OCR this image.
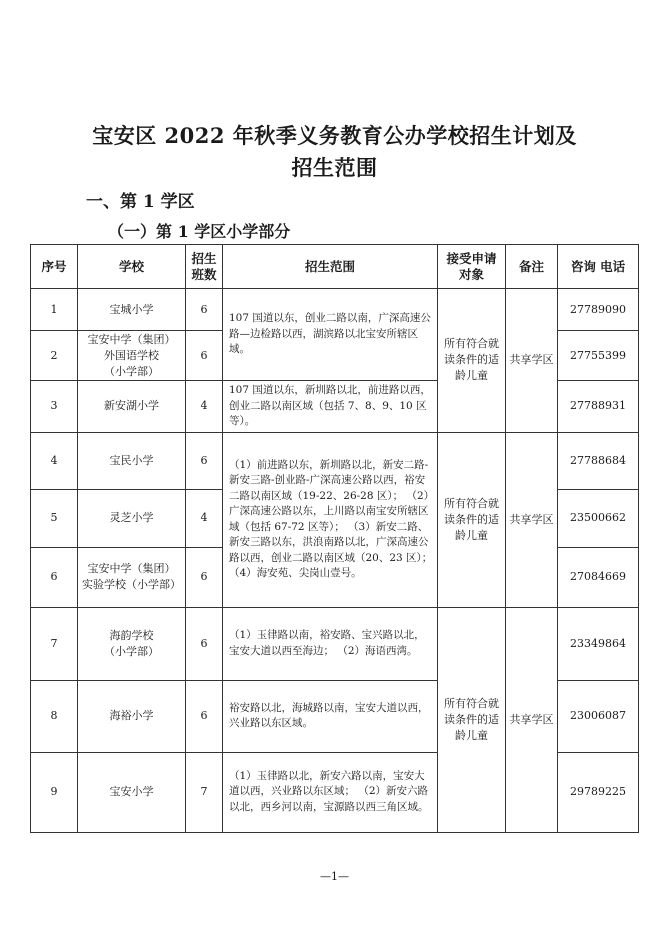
宝安区 2022 年秋季义务教育公办学校招生计划及
招生范围
一、第 1 学区
（一）第 1 学区小学部分
序号	学校	招生 班数	招生范围	接受申请 对象	备注	咨询 电话
1	宝城小学	6	107 国道以东，创业二路以南，广深高速公路—边检路以西，湖滨路以北宝安所辖区域。	所有符合就
读条件的适
龄儿童	共享学区	27789090
2	宝安中学（集团）
外国语学校
（小学部）	6				27755399
3	新安湖小学	4	107 国道以东，新圳路以北，前进路以西，创业二路以南区域（包括 7、8、9、10 区等）。			27788931
4	宝民小学	6	（1）前进路以东，新圳路以北，新安二路-新安三路-创业路-广深高速公路以西，裕安二路以南区域（19-22、26-28 区）； （2）广深高速公路以东，上川路以南宝安所辖区域（包括 67-72 区等）； （3）新安二路、新安三路以东，洪浪南路以北，广深高速公路以西，创业二路以南区域（20、23 区）； （4）海安苑、尖岗山壹号。	所有符合就
读条件的适
龄儿童	共享学区	27788684
5	灵芝小学	4				23500662
6	宝安中学（集团）
实验学校（小学部）	6				27084669
7	海韵学校
（小学部）	6	（1）玉律路以南，裕安路、宝兴路以北，宝安大道以西至海边； （2）海语西湾。	所有符合就
读条件的适
龄儿童	共享学区	23349864
8	海裕小学	6	裕安路以北，海城路以南，宝安大道以西，兴业路以东区域。			23006087
9	宝安小学	7	（1）玉律路以北，新安六路以南，宝安大道以西，兴业路以东区域； （2）新安六路以北，西乡河以南，宝源路以西三角区域。			29789225
—1—
